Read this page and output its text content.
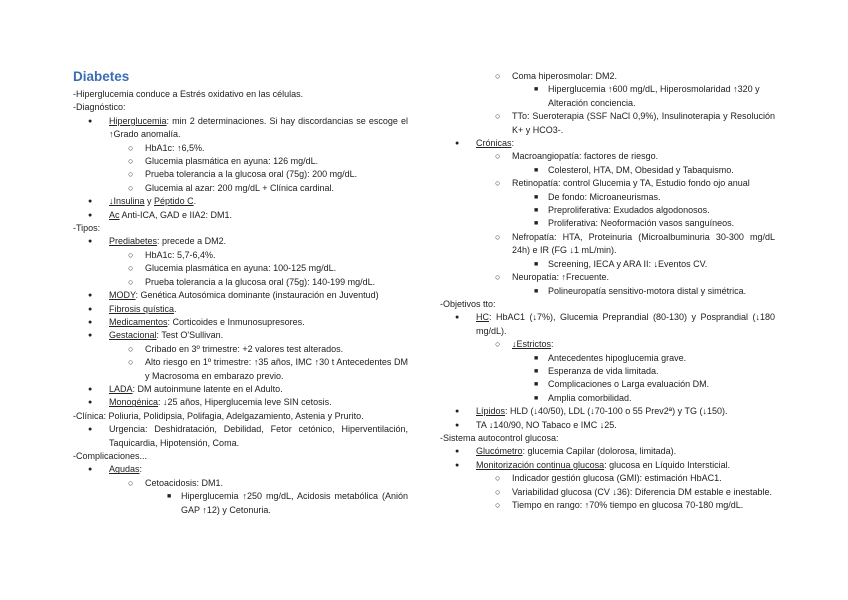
Diabetes

-Hiperglucemia conduce a Estrés oxidativo en las células.

-Diagnóstico:

● Hiperglucemia: min 2 determinaciones. Si hay discordancias se escoge el ↑Grado anomalía.
○ HbA1c: ↑6,5%.
○ Glucemia plasmática en ayuna: 126 mg/dL.
○ Prueba tolerancia a la glucosa oral (75g): 200 mg/dL.
○ Glucemia al azar: 200 mg/dL + Clínica cardinal.
● ↓Insulina y Péptido C.
● Ac Anti-ICA, GAD e IIA2: DM1.

-Tipos:

● Prediabetes: precede a DM2.
○ HbA1c: 5,7-6,4%.
○ Glucemia plasmática en ayuna: 100-125 mg/dL.
○ Prueba tolerancia a la glucosa oral (75g): 140-199 mg/dL.
● MODY: Genética Autosómica dominante (instauración en Juventud)
● Fibrosis quística.
● Medicamentos: Corticoides e Inmunosupresores.
● Gestacional: Test O'Sullivan.
○ Cribado en 3º trimestre: +2 valores test alterados.
○ Alto riesgo en 1º trimestre: ↑35 años, IMC ↑30 t Antecedentes DM y Macrosoma en embarazo previo.
● LADA: DM autoinmune latente en el Adulto.
● Monogénica: ↓25 años, Hiperglucemia leve SIN cetosis.

-Clínica: Poliuria, Polidipsia, Polifagia, Adelgazamiento, Astenia y Prurito.

● Urgencia: Deshidratación, Debilidad, Fetor cetónico, Hiperventilación, Taquicardia, Hipotensión, Coma.

-Complicaciones...

● Agudas:
○ Cetoacidosis: DM1.
■ Hiperglucemia ↑250 mg/dL, Acidosis metabólica (Anión GAP ↑12) y Cetonuria.
○ Coma hiperosmolar: DM2.
■ Hiperglucemia ↑600 mg/dL, Hiperosmolaridad ↑320 y Alteración conciencia.
○ TTo: Sueroterapia (SSF NaCl 0,9%), Insulinoterapia y Resolución K+ y HCO3-.
● Crónicas:
○ Macroangiopatía: factores de riesgo.
■ Colesterol, HTA, DM, Obesidad y Tabaquismo.
○ Retinopatía: control Glucemia y TA, Estudio fondo ojo anual
■ De fondo: Microaneurismas.
■ Preproliferativa: Exudados algodonosos.
■ Proliferativa: Neoformación vasos sanguíneos.
○ Nefropatía: HTA, Proteinuria (Microalbuminuria 30-300 mg/dL 24h) e IR (FG ↓1 mL/min).
■ Screening, IECA y ARA II: ↓Eventos CV.
○ Neuropatía: ↑Frecuente.
■ Polineuropatía sensitivo-motora distal y simétrica.

-Objetivos tto:

● HC: HbAC1 (↓7%), Glucemia Preprandial (80-130) y Posprandial (↓180 mg/dL).
○ ↓Estrictos:
■ Antecedentes hipoglucemia grave.
■ Esperanza de vida limitada.
■ Complicaciones o Larga evaluación DM.
■ Amplia comorbilidad.
● Lípidos: HLD (↓40/50), LDL (↓70-100 o 55 Prev2ª) y TG (↓150).
● TA ↓140/90, NO Tabaco e IMC ↓25.

-Sistema autocontrol glucosa:

● Glucómetro: glucemia Capilar (dolorosa, limitada).
● Monitorización continua glucosa: glucosa en Líquido Intersticial.
○ Indicador gestión glucosa (GMI): estimación HbAC1.
○ Variabilidad glucosa (CV ↓36): Diferencia DM estable e inestable.
○ Tiempo en rango: ↑70% tiempo en glucosa 70-180 mg/dL.
